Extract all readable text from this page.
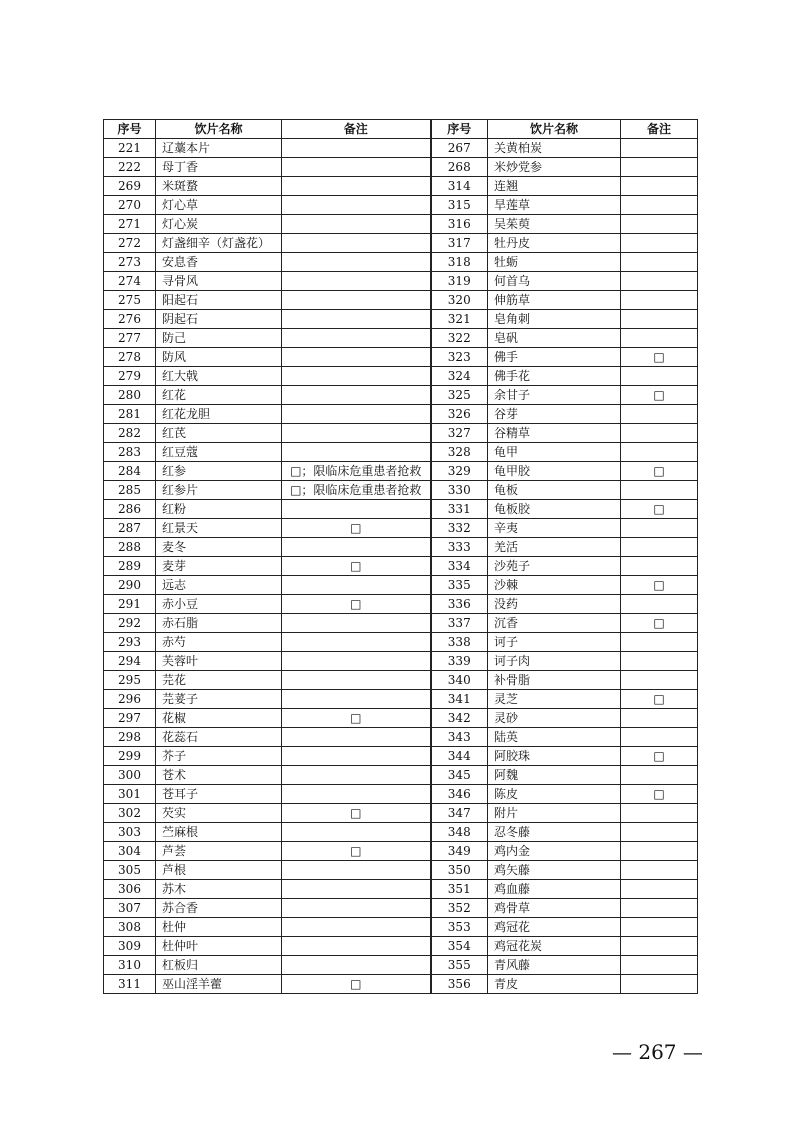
序号	饮片名称	备注	序号	饮片名称	备注
221	辽藁本片		267	关黄柏炭	
222	母丁香		268	米炒党参	
269	米斑蝥		314	连翘	
270	灯心草		315	旱莲草	
271	灯心炭		316	吴茱萸	
272	灯盏细辛（灯盏花）		317	牡丹皮	
273	安息香		318	牡蛎	
274	寻骨风		319	何首乌	
275	阳起石		320	伸筋草	
276	阴起石		321	皂角刺	
277	防己		322	皂矾	
278	防风		323	佛手	□
279	红大戟		324	佛手花	
280	红花		325	余甘子	□
281	红花龙胆		326	谷芽	
282	红芪		327	谷精草	
283	红豆蔻		328	龟甲	
284	红参	□；限临床危重患者抢救	329	龟甲胶	□
285	红参片	□；限临床危重患者抢救	330	龟板	
286	红粉		331	龟板胶	□
287	红景天	□	332	辛夷	
288	麦冬		333	羌活	
289	麦芽	□	334	沙苑子	
290	远志		335	沙棘	□
291	赤小豆	□	336	没药	
292	赤石脂		337	沉香	□
293	赤芍		338	诃子	
294	芙蓉叶		339	诃子肉	
295	芫花		340	补骨脂	
296	芫荽子		341	灵芝	□
297	花椒	□	342	灵砂	
298	花蕊石		343	陆英	
299	芥子		344	阿胶珠	□
300	苍术		345	阿魏	
301	苍耳子		346	陈皮	□
302	芡实	□	347	附片	
303	苎麻根		348	忍冬藤	
304	芦荟	□	349	鸡内金	
305	芦根		350	鸡矢藤	
306	苏木		351	鸡血藤	
307	苏合香		352	鸡骨草	
308	杜仲		353	鸡冠花	
309	杜仲叶		354	鸡冠花炭	
310	杠板归		355	青风藤	
311	巫山淫羊藿	□	356	青皮	
— 267 —
